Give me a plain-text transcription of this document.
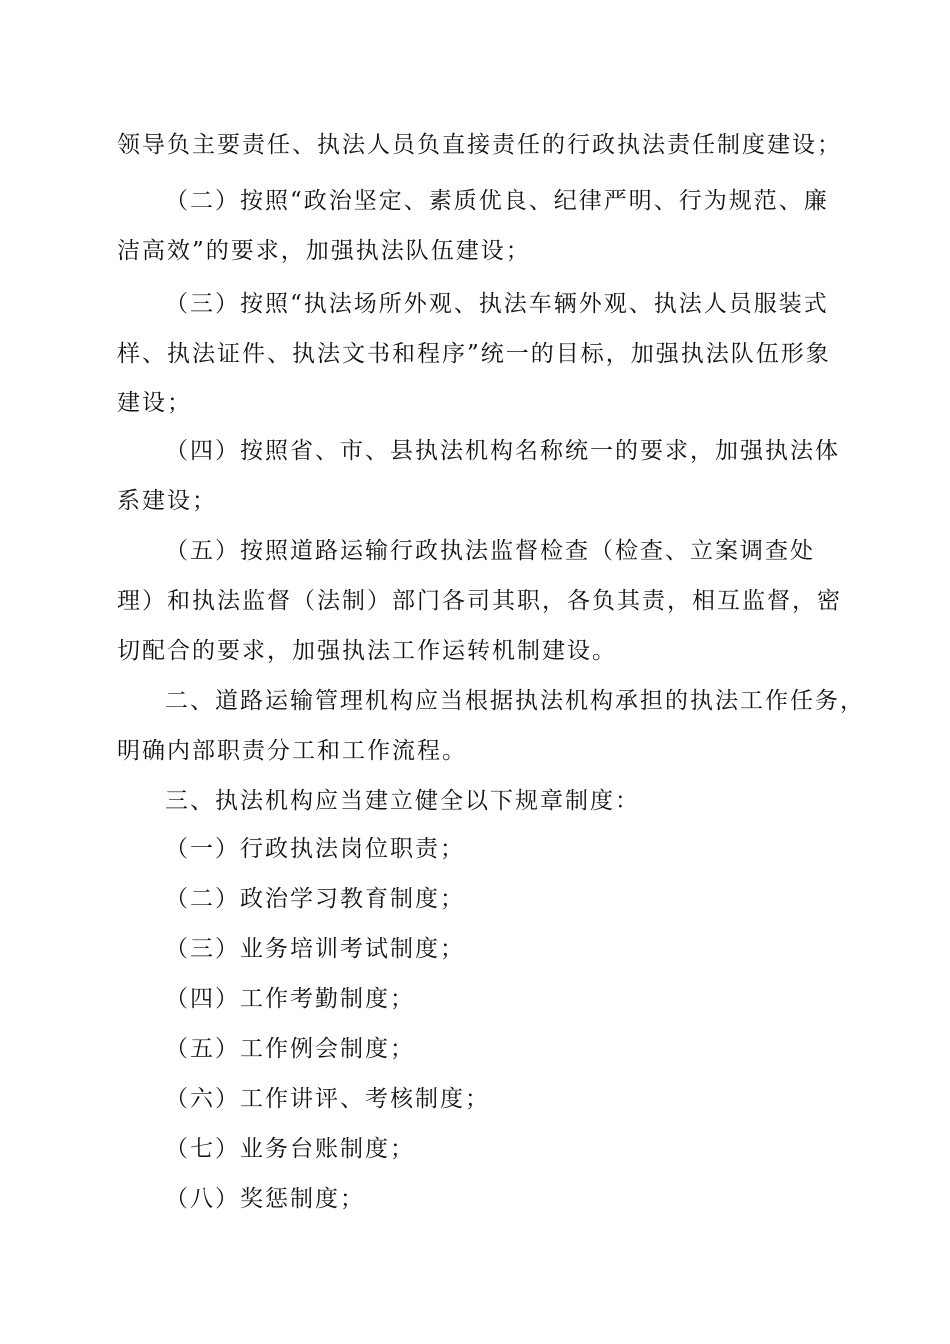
领导负主要责任、执法人员负直接责任的行政执法责任制度建设；
（二）按照“政治坚定、素质优良、纪律严明、行为规范、廉
洁高效”的要求，加强执法队伍建设；
（三）按照“执法场所外观、执法车辆外观、执法人员服装式
样、执法证件、执法文书和程序”统一的目标，加强执法队伍形象
建设；
（四）按照省、市、县执法机构名称统一的要求，加强执法体
系建设；
（五）按照道路运输行政执法监督检查（检查、立案调查处
理）和执法监督（法制）部门各司其职，各负其责，相互监督，密
切配合的要求，加强执法工作运转机制建设。
二、道路运输管理机构应当根据执法机构承担的执法工作任务，
明确内部职责分工和工作流程。
三、执法机构应当建立健全以下规章制度：
（一）行政执法岗位职责；
（二）政治学习教育制度；
（三）业务培训考试制度；
（四）工作考勤制度；
（五）工作例会制度；
（六）工作讲评、考核制度；
（七）业务台账制度；
（八）奖惩制度；
